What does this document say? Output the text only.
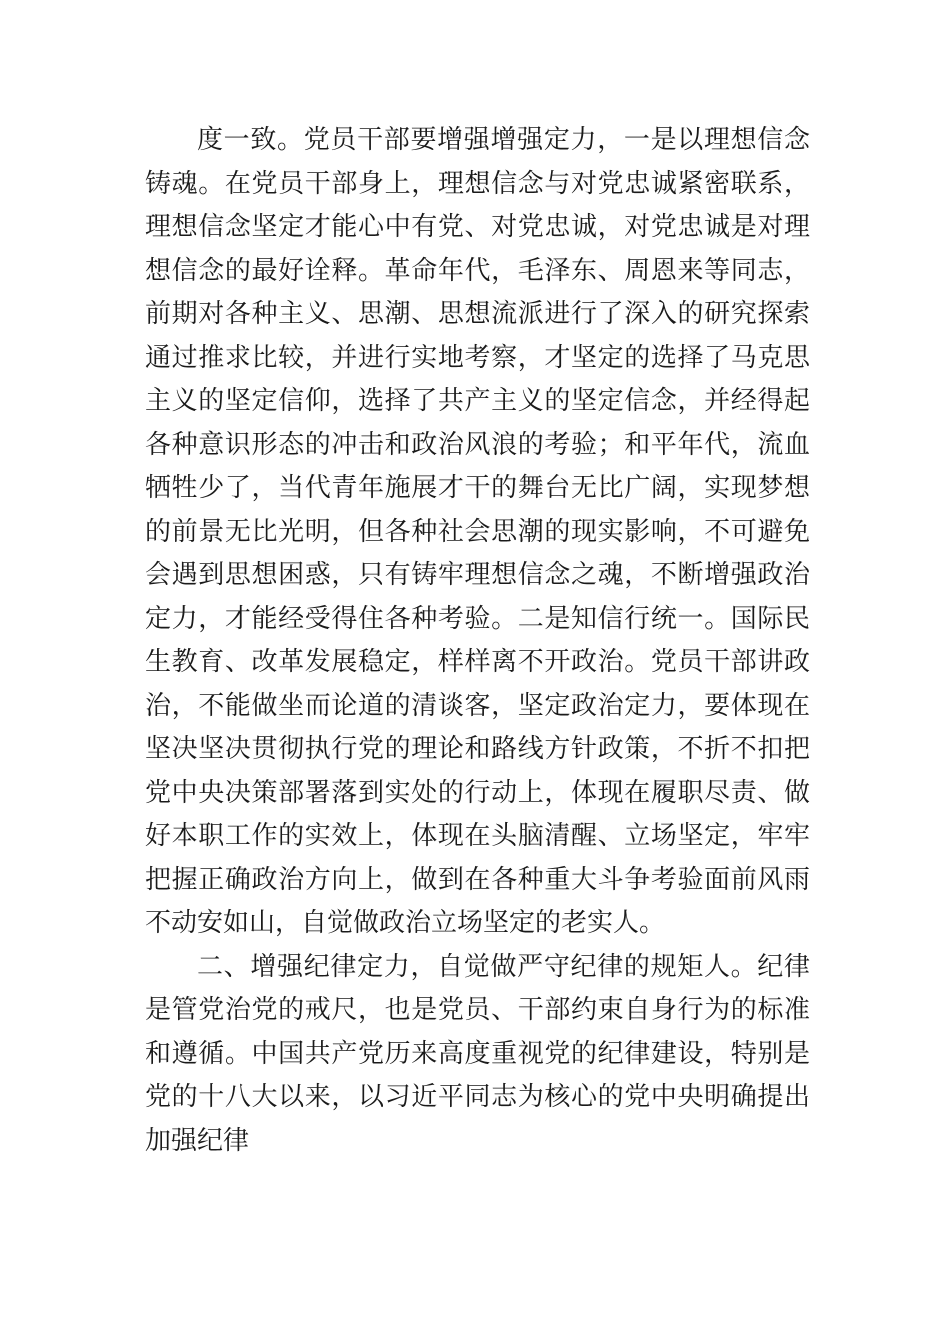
度一致。党员干部要增强增强定力，一是以理想信念
铸魂。在党员干部身上，理想信念与对党忠诚紧密联系，
理想信念坚定才能心中有党、对党忠诚，对党忠诚是对理
想信念的最好诠释。革命年代，毛泽东、周恩来等同志，
前期对各种主义、思潮、思想流派进行了深入的研究探索
通过推求比较，并进行实地考察，才坚定的选择了马克思
主义的坚定信仰，选择了共产主义的坚定信念，并经得起
各种意识形态的冲击和政治风浪的考验；和平年代，流血
牺牲少了，当代青年施展才干的舞台无比广阔，实现梦想
的前景无比光明，但各种社会思潮的现实影响，不可避免
会遇到思想困惑，只有铸牢理想信念之魂，不断增强政治
定力，才能经受得住各种考验。二是知信行统一。国际民
生教育、改革发展稳定，样样离不开政治。党员干部讲政
治，不能做坐而论道的清谈客，坚定政治定力，要体现在
坚决坚决贯彻执行党的理论和路线方针政策，不折不扣把
党中央决策部署落到实处的行动上，体现在履职尽责、做
好本职工作的实效上，体现在头脑清醒、立场坚定，牢牢
把握正确政治方向上，做到在各种重大斗争考验面前风雨
不动安如山，自觉做政治立场坚定的老实人。
二、增强纪律定力，自觉做严守纪律的规矩人。纪律
是管党治党的戒尺，也是党员、干部约束自身行为的标准
和遵循。中国共产党历来高度重视党的纪律建设，特别是
党的十八大以来，以习近平同志为核心的党中央明确提出
加强纪律
